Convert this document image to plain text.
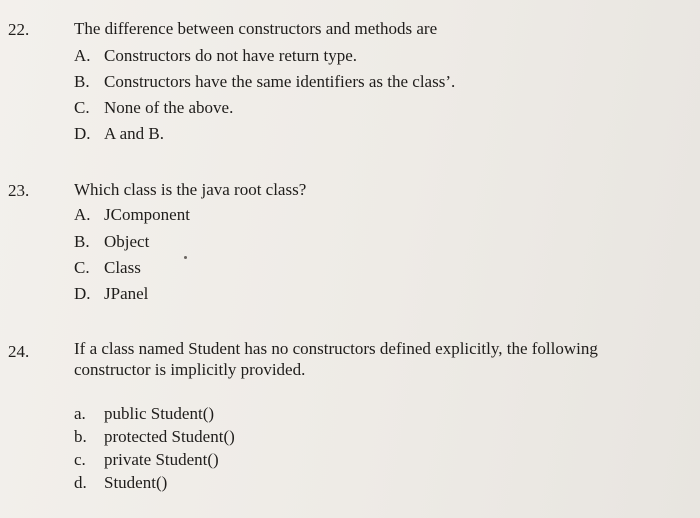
22.	The difference between constructors and methods are
A. Constructors do not have return type.
B. Constructors have the same identifiers as the class’.
C. None of the above.
D. A and B.
23.	Which class is the java root class?
A. JComponent
B. Object
C. Class
D. JPanel
24.	If a class named Student has no constructors defined explicitly, the following
constructor is implicitly provided.
a. public Student()
b. protected Student()
c. private Student()
d. Student()
